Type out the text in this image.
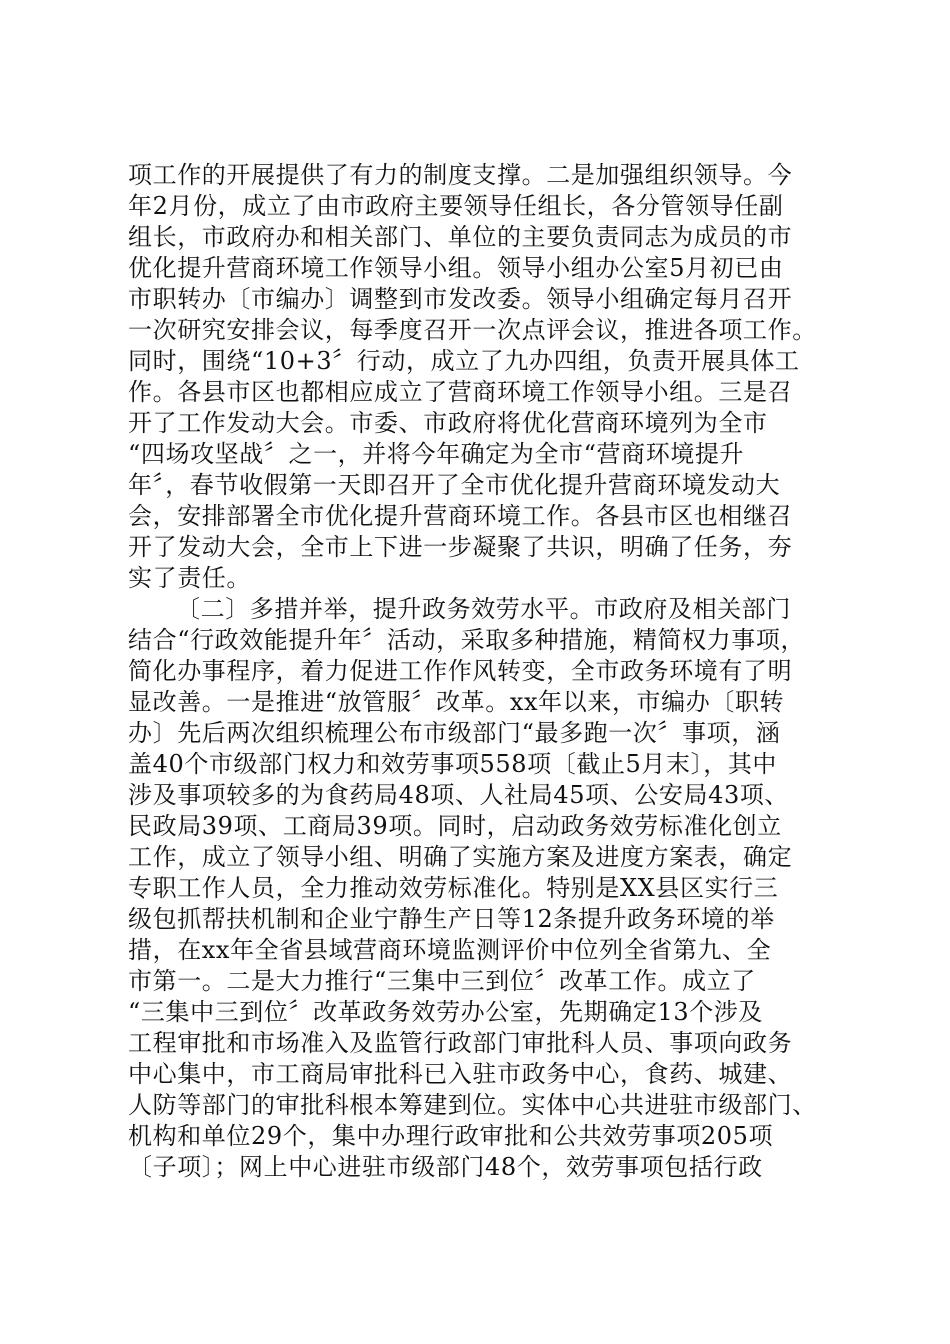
项工作的开展提供了有力的制度支撑。二是加强组织领导。今
年2月份，成立了由市政府主要领导任组长，各分管领导任副
组长，市政府办和相关部门、单位的主要负责同志为成员的市
优化提升营商环境工作领导小组。领导小组办公室5月初已由
市职转办〔市编办〕调整到市发改委。领导小组确定每月召开
一次研究安排会议，每季度召开一次点评会议，推进各项工作。
同时，围绕“10+3〞行动，成立了九办四组，负责开展具体工
作。各县市区也都相应成立了营商环境工作领导小组。三是召
开了工作发动大会。市委、市政府将优化营商环境列为全市
“四场攻坚战〞之一，并将今年确定为全市“营商环境提升
年〞，春节收假第一天即召开了全市优化提升营商环境发动大
会，安排部署全市优化提升营商环境工作。各县市区也相继召
开了发动大会，全市上下进一步凝聚了共识，明确了任务，夯
实了责任。
〔二〕多措并举，提升政务效劳水平。市政府及相关部门
结合“行政效能提升年〞活动，采取多种措施，精简权力事项，
简化办事程序，着力促进工作作风转变，全市政务环境有了明
显改善。一是推进“放管服〞改革。xx年以来，市编办〔职转
办〕先后两次组织梳理公布市级部门“最多跑一次〞事项，涵
盖40个市级部门权力和效劳事项558项〔截止5月末〕，其中
涉及事项较多的为食药局48项、人社局45项、公安局43项、
民政局39项、工商局39项。同时，启动政务效劳标准化创立
工作，成立了领导小组、明确了实施方案及进度方案表，确定
专职工作人员，全力推动效劳标准化。特别是XX县区实行三
级包抓帮扶机制和企业宁静生产日等12条提升政务环境的举
措，在xx年全省县域营商环境监测评价中位列全省第九、全
市第一。二是大力推行“三集中三到位〞改革工作。成立了
“三集中三到位〞改革政务效劳办公室，先期确定13个涉及
工程审批和市场准入及监管行政部门审批科人员、事项向政务
中心集中，市工商局审批科已入驻市政务中心，食药、城建、
人防等部门的审批科根本筹建到位。实体中心共进驻市级部门、
机构和单位29个，集中办理行政审批和公共效劳事项205项
〔子项〕；网上中心进驻市级部门48个，效劳事项包括行政
